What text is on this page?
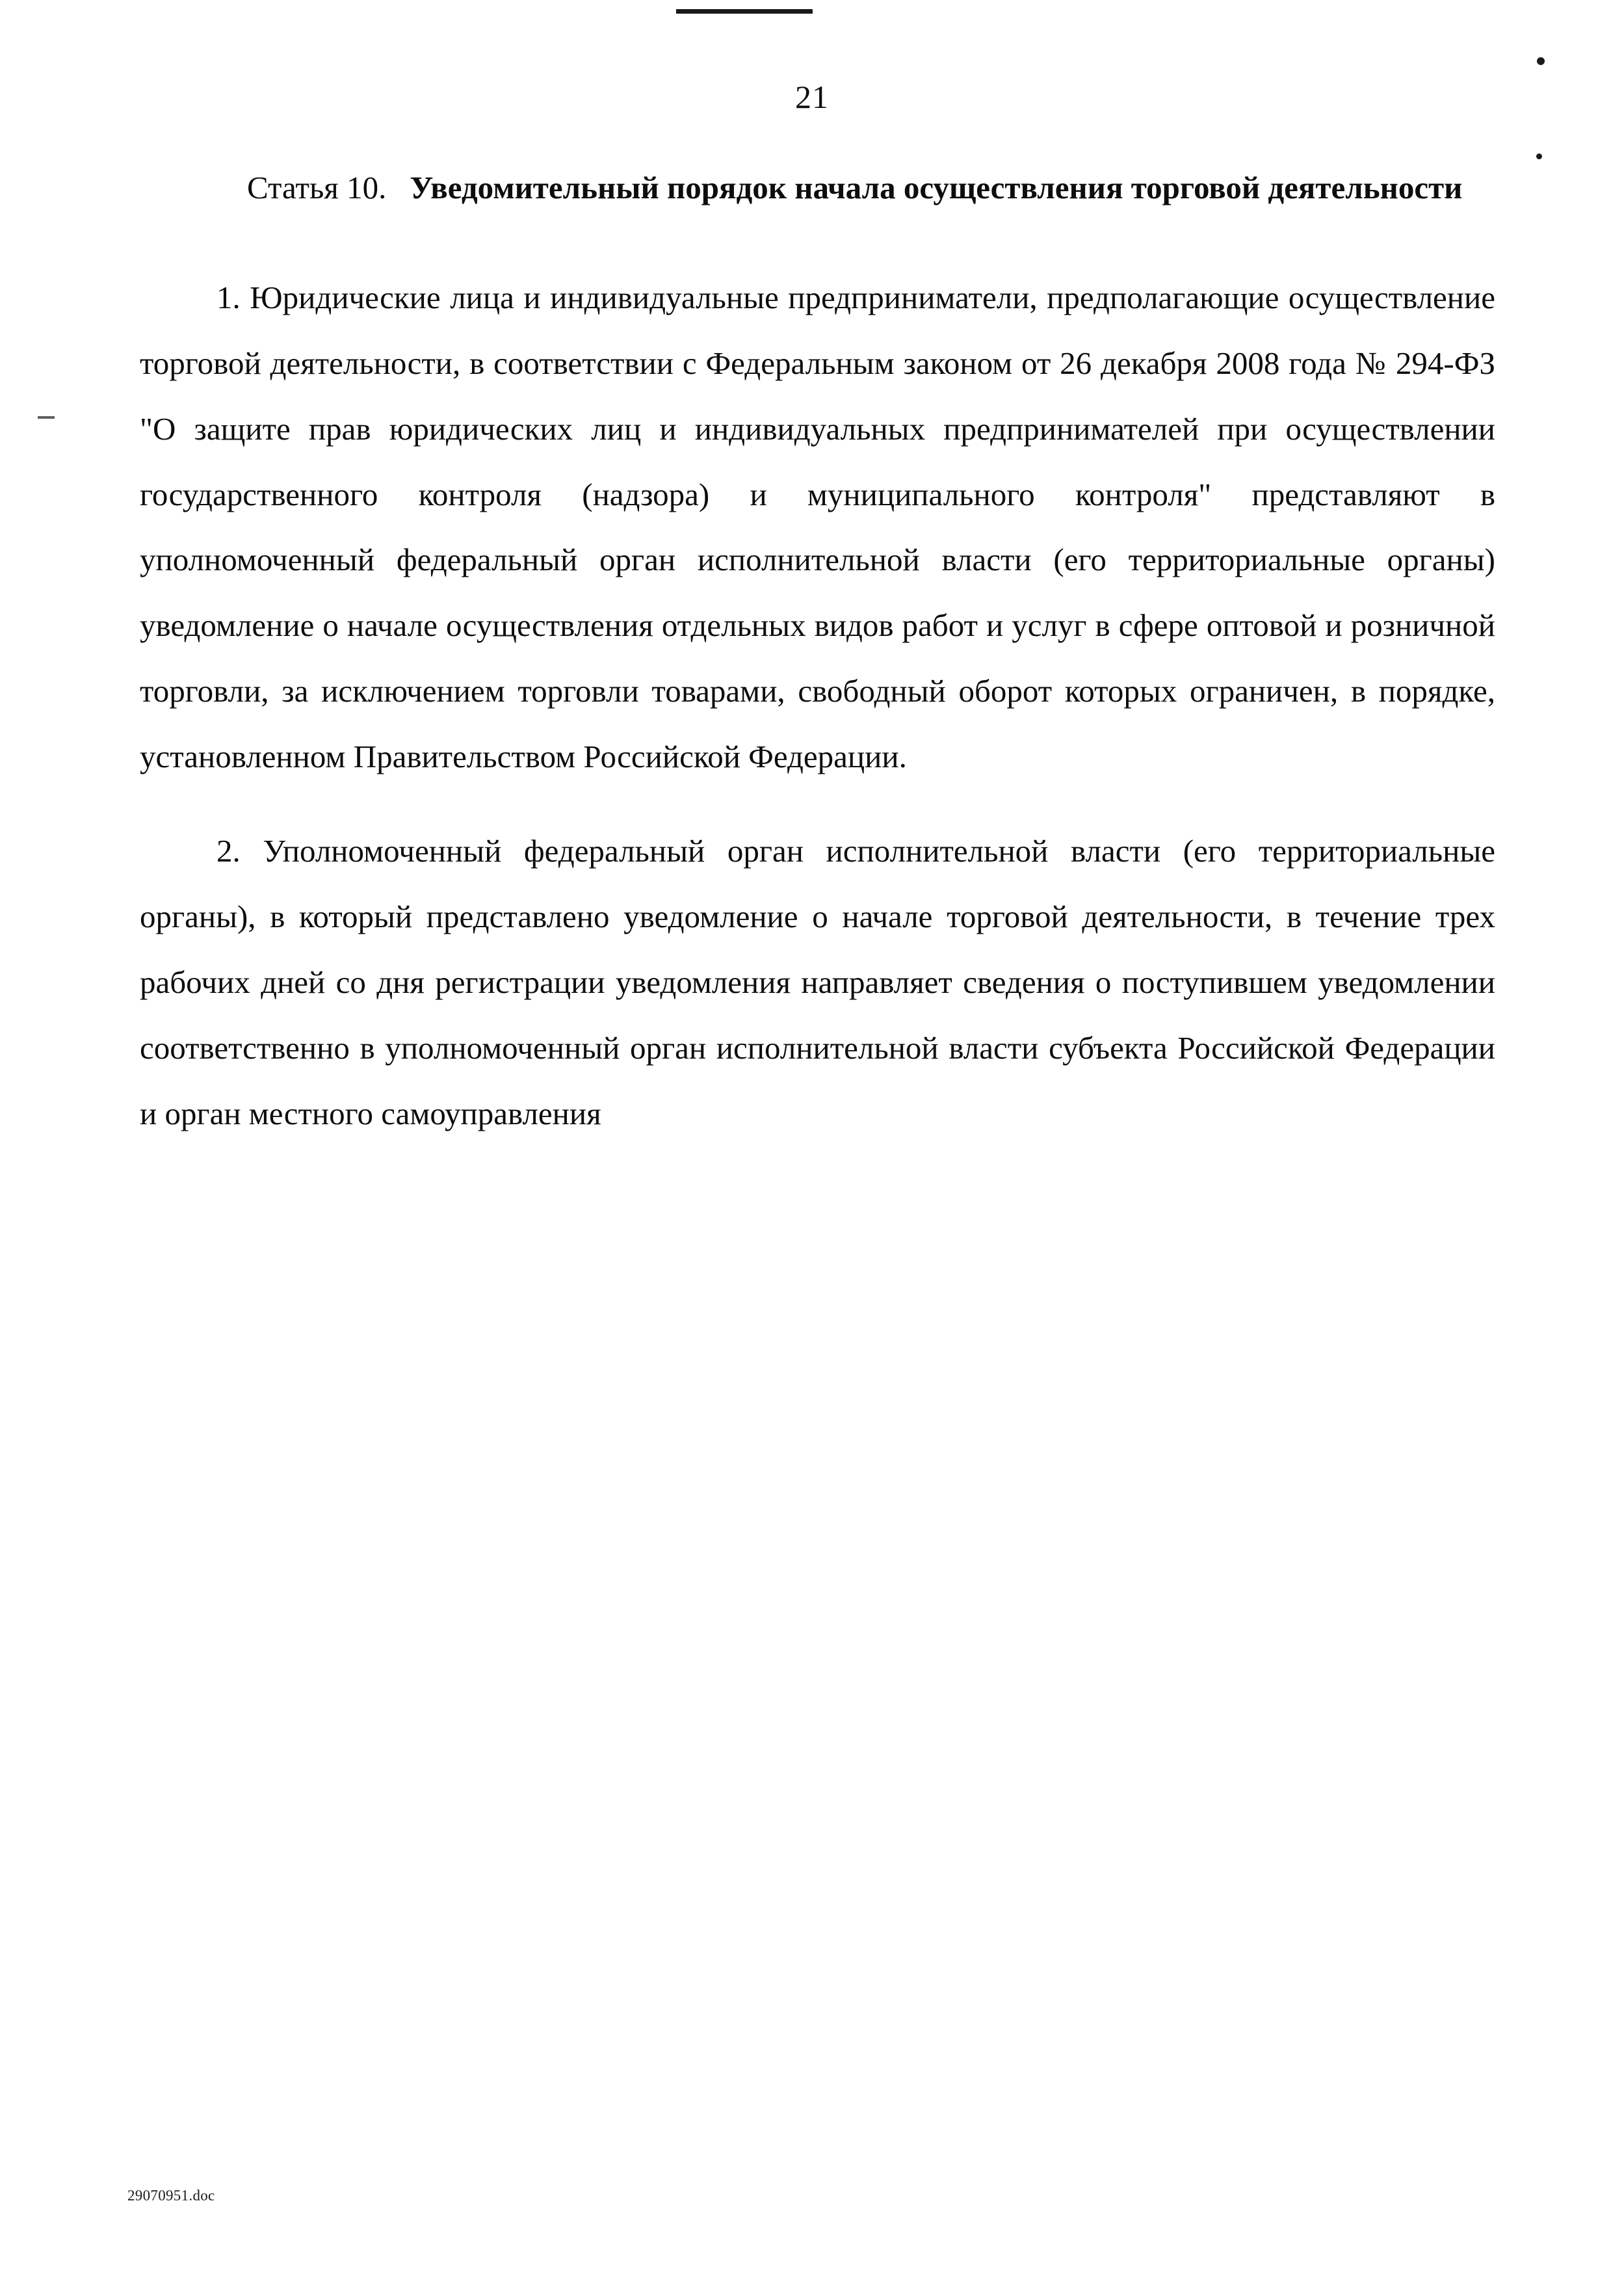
21
Статья 10. Уведомительный порядок начала осуществления торговой деятельности
1. Юридические лица и индивидуальные предприниматели, предполагающие осуществление торговой деятельности, в соответствии с Федеральным законом от 26 декабря 2008 года № 294-ФЗ "О защите прав юридических лиц и индивидуальных предпринимателей при осуществлении государственного контроля (надзора) и муниципального контроля" представляют в уполномоченный федеральный орган исполнительной власти (его территориальные органы) уведомление о начале осуществления отдельных видов работ и услуг в сфере оптовой и розничной торговли, за исключением торговли товарами, свободный оборот которых ограничен, в порядке, установленном Правительством Российской Федерации.
2. Уполномоченный федеральный орган исполнительной власти (его территориальные органы), в который представлено уведомление о начале торговой деятельности, в течение трех рабочих дней со дня регистрации уведомления направляет сведения о поступившем уведомлении соответственно в уполномоченный орган исполнительной власти субъекта Российской Федерации и орган местного самоуправления
29070951.doc
